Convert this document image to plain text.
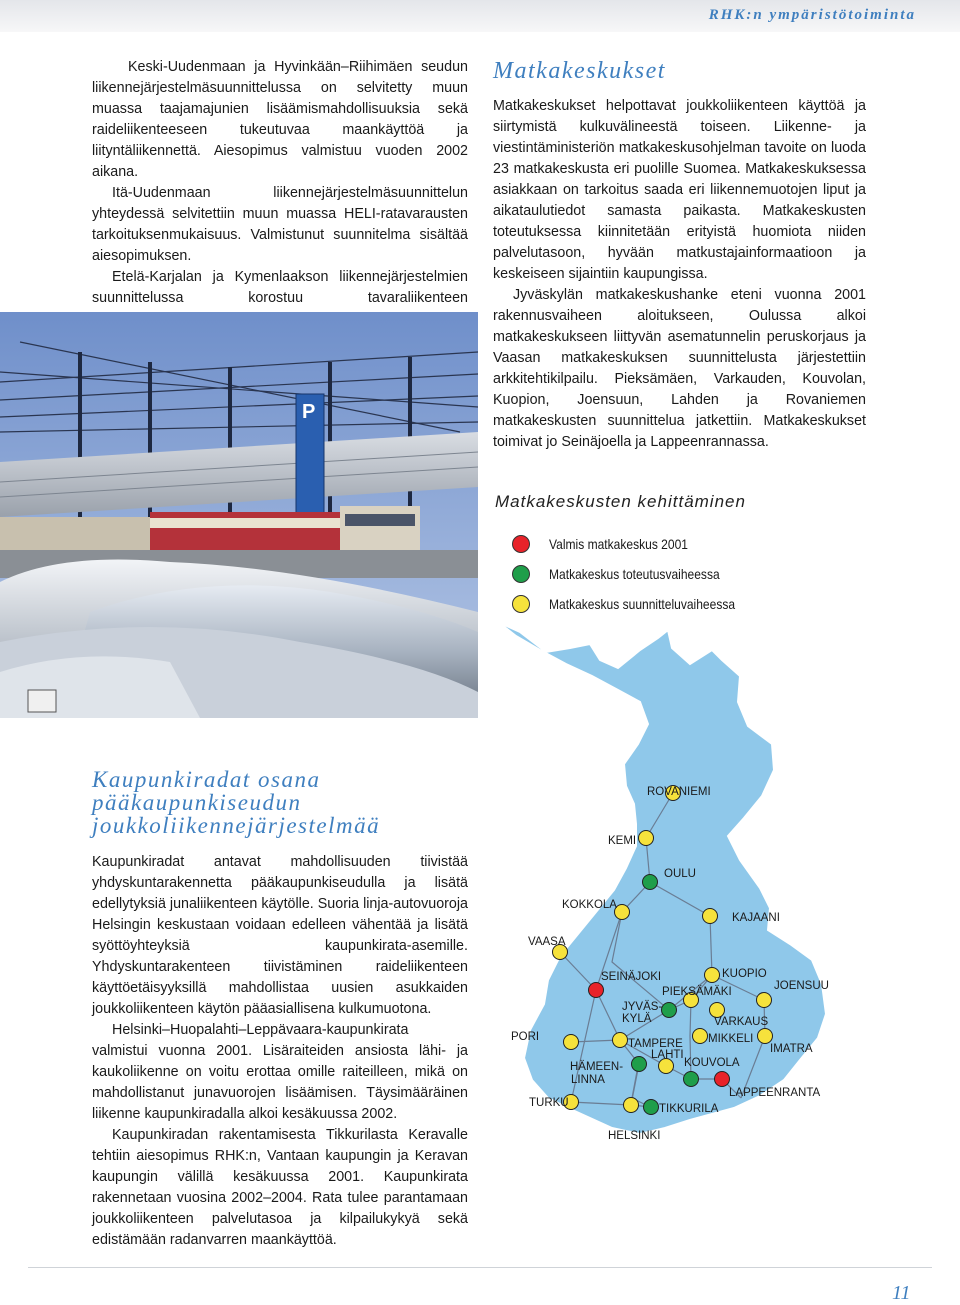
RHK:n ympäristötoiminta

Keski-Uudenmaan ja Hyvinkään–Riihimäen seudun liikennejärjestelmäsuunnittelussa on selvitetty muun muassa taajamajunien lisäämismahdollisuuksia sekä raideliikenteeseen tukeutuvaa maankäyttöä ja liityntäliikennettä. Aiesopimus valmistuu vuoden 2002 aikana.

Itä-Uudenmaan liikennejärjestelmäsuunnittelun yhteydessä selvitettiin muun muassa HELI-ratavarausten tarkoituksenmukaisuus. Valmistunut suunnitelma sisältää aiesopimuksen.

Etelä-Karjalan ja Kymenlaakson liikennejärjestelmien suunnittelussa korostuu tavaraliikenteen

Matkakeskukset

Matkakeskukset helpottavat joukkoliikenteen käyttöä ja siirtymistä kulkuvälineestä toiseen. Liikenne- ja viestintäministeriön matkakeskusohjelman tavoite on luoda 23 matkakeskusta eri puolille Suomea. Matkakeskuksessa asiakkaan on tarkoitus saada eri liikennemuotojen liput ja aikataulutiedot samasta paikasta. Matkakeskusten toteutuksessa kiinnitetään erityistä huomiota niiden palvelutasoon, hyvään matkustajainformaatioon ja keskeiseen sijaintiin kaupungissa.

Jyväskylän matkakeskushanke eteni vuonna 2001 rakennusvaiheen aloitukseen, Oulussa alkoi matkakeskukseen liittyvän asematunnelin peruskorjaus ja Vaasan matkakeskuksen suunnittelusta järjestettiin arkkitehtikilpailu. Pieksämäen, Varkauden, Kouvolan, Kuopion, Joensuun, Lahden ja Rovaniemen matkakeskusten suunnittelua jatkettiin. Matkakeskukset toimivat jo Seinäjoella ja Lappeenrannassa.

P
Kaupunkiradat osana pääkaupunkiseudun joukkoliikennejärjestelmää

Kaupunkiradat antavat mahdollisuuden tiivistää yhdyskuntarakennetta pääkaupunkiseudulla ja lisätä edellytyksiä junaliikenteen käytölle. Suoria linja-autovuoroja Helsingin keskustaan voidaan edelleen vähentää ja lisätä syöttöyhteyksiä kaupunkirata-asemille. Yhdyskuntarakenteen tiivistäminen raideliikenteen käyttöetäisyyksillä mahdollistaa uusien asukkaiden joukkoliikenteen käytön pääasiallisena kulkumuotona.

Helsinki–Huopalahti–Leppävaara-kaupunkirata valmistui vuonna 2001. Lisäraiteiden ansiosta lähi- ja kaukoliikenne on voitu erottaa omille raiteilleen, mikä on mahdollistanut junavuorojen lisäämisen. Täysimääräinen liikenne kaupunkiradalla alkoi kesäkuussa 2002.

Kaupunkiradan rakentamisesta Tikkurilasta Keravalle tehtiin aiesopimus RHK:n, Vantaan kaupungin ja Keravan kaupungin välillä kesäkuussa 2001. Kaupunkirata rakennetaan vuosina 2002–2004. Rata tulee parantamaan joukkoliikenteen palvelutasoa ja kilpailukykyä sekä edistämään radanvarren maankäyttöä.

Matkakeskusten kehittäminen
Valmis matkakeskus 2001
Matkakeskus toteutusvaiheessa
Matkakeskus suunnitteluvaiheessa
ROVANIEMI
KEMI
OULU
KOKKOLA
KAJAANI
VAASA
SEINÄJOKI	KUOPIO
JOENSUU
PIEKSÄMÄKI
JYVÄS-
KYLÄ	VARKAUS
PORI	MIKKELI
TAMPERE	IMATRA
LAHTI
KOUVOLA
HÄMEEN-
LINNA
LAPPEENRANTA
TURKU	TIKKURILA
HELSINKI
11
